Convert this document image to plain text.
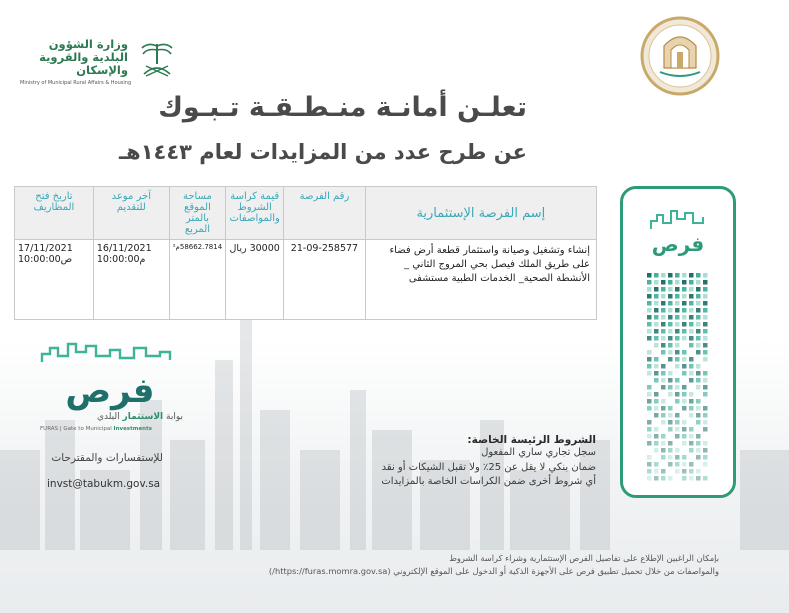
وزارة الشؤون البلدية والقروية والإسكان
Ministry of Municipal Rural Affairs & Housing
تعلـن أمانـة منـطـقـة تـبـوك
عن طرح عدد من المزايدات لعام ١٤٤٣هـ
إسم الفرصة الإستثمارية	رقم الفرصة	قيمة كراسة الشروط والمواصفات	مساحة الموقع بالمتر المربع	آخر موعد للتقديم	تاريخ فتح المظاريف
إنشاء وتشغيل وصيانة واستثمار قطعة أرض فضاء على طريق الملك فيصل بحي المروج الثاني _ الأنشطة الصحية_ الخدمات الطبية مستشفى	21-09-258577	30000 ريال	58662.7814م²	16/11/2021 10:00:00م	17/11/2021 10:00:00ص
فرص
فرص
بوابة الاستثمار البلدي
FURAS | Gate to Municipal Investments
للإستفسارات والمقترحات
invst@tabukm.gov.sa
الشروط الرئيسة الخاصة:
سجل تجاري ساري المفعول
ضمان بنكي لا يقل عن 25٪ ولا تقبل الشيكات أو نقد
أي شروط أخرى ضمن الكراسات الخاصة بالمزايدات
بإمكان الراغبين الإطلاع على تفاصيل الفرص الإستثمارية وشراء كراسة الشروط
والمواصفات من خلال تحميل تطبيق فرص على الأجهزة الذكية أو الدخول على الموقع الإلكتروني (https://furas.momra.gov.sa/)
